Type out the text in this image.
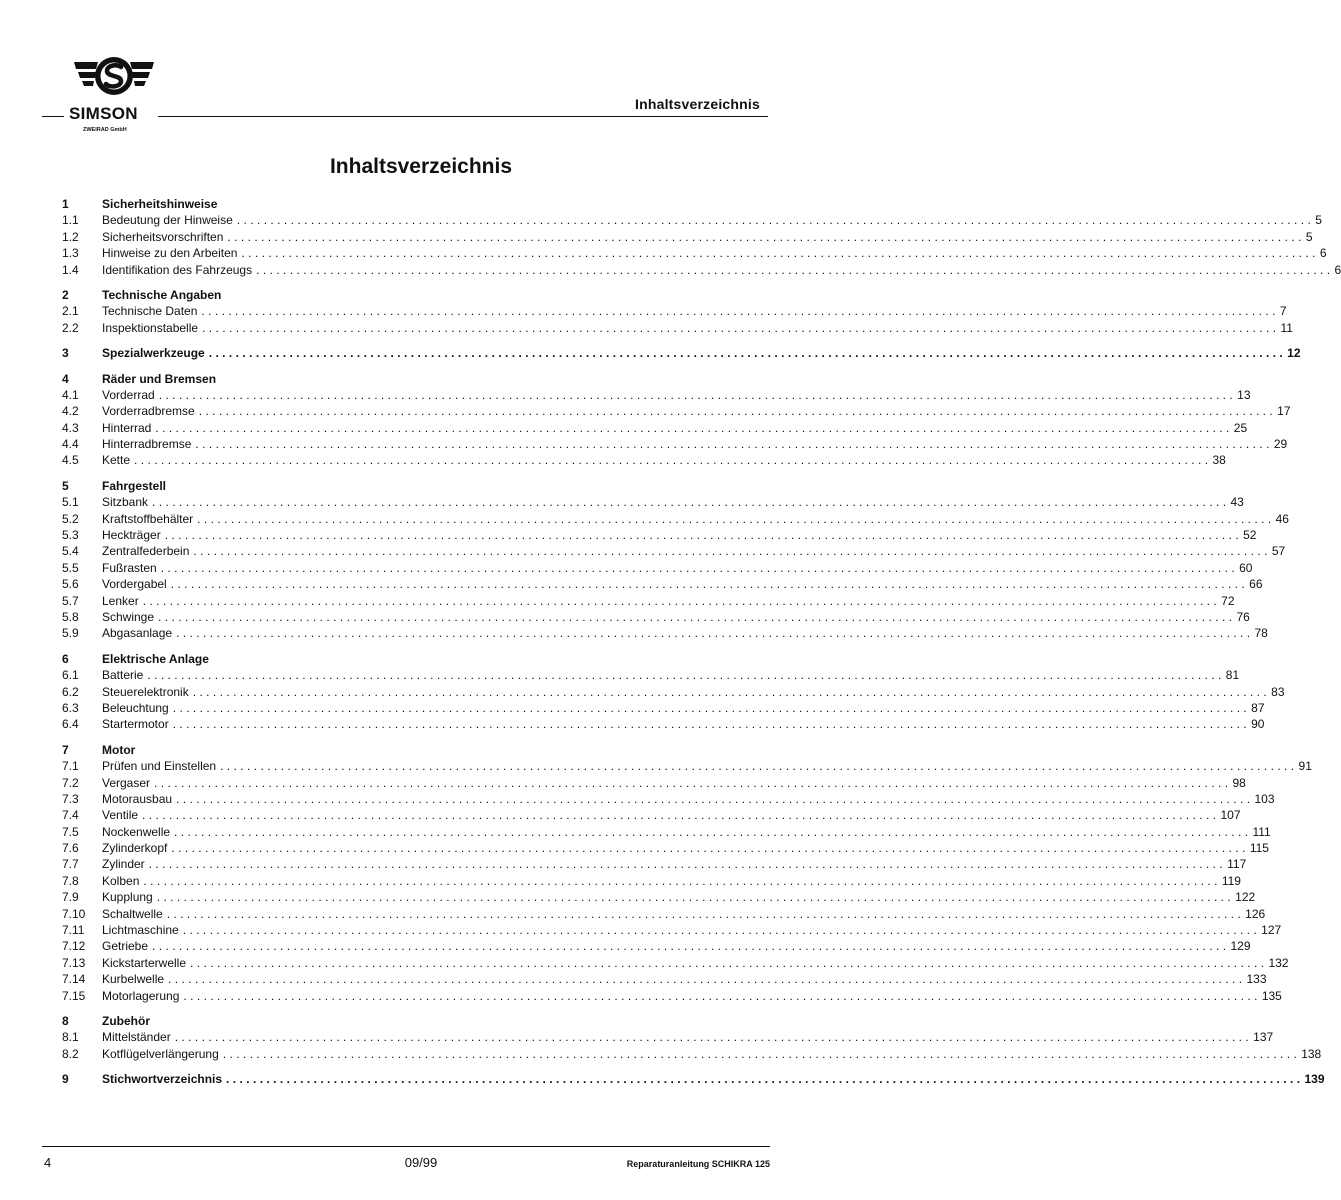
SIMSON
ZWEIRAD GmbH
Inhaltsverzeichnis
Inhaltsverzeichnis
1	Sicherheitshinweise
1.1	Bedeutung der Hinweise ................................................................................................................................................................ 5
1.2	Sicherheitsvorschriften ................................................................................................................................................................ 5
1.3	Hinweise zu den Arbeiten ................................................................................................................................................................ 6
1.4	Identifikation des Fahrzeugs ................................................................................................................................................................ 6
2	Technische Angaben
2.1	Technische Daten ................................................................................................................................................................ 7
2.2	Inspektionstabelle ................................................................................................................................................................ 11
3	Spezialwerkzeuge ................................................................................................................................................................ 12
4	Räder und Bremsen
4.1	Vorderrad ................................................................................................................................................................ 13
4.2	Vorderradbremse ................................................................................................................................................................ 17
4.3	Hinterrad ................................................................................................................................................................ 25
4.4	Hinterradbremse ................................................................................................................................................................ 29
4.5	Kette ................................................................................................................................................................ 38
5	Fahrgestell
5.1	Sitzbank ................................................................................................................................................................ 43
5.2	Kraftstoffbehälter ................................................................................................................................................................ 46
5.3	Heckträger ................................................................................................................................................................ 52
5.4	Zentralfederbein ................................................................................................................................................................ 57
5.5	Fußrasten ................................................................................................................................................................ 60
5.6	Vordergabel ................................................................................................................................................................ 66
5.7	Lenker ................................................................................................................................................................ 72
5.8	Schwinge ................................................................................................................................................................ 76
5.9	Abgasanlage ................................................................................................................................................................ 78
6	Elektrische Anlage
6.1	Batterie ................................................................................................................................................................ 81
6.2	Steuerelektronik ................................................................................................................................................................ 83
6.3	Beleuchtung ................................................................................................................................................................ 87
6.4	Startermotor ................................................................................................................................................................ 90
7	Motor
7.1	Prüfen und Einstellen ................................................................................................................................................................ 91
7.2	Vergaser ................................................................................................................................................................ 98
7.3	Motorausbau ................................................................................................................................................................ 103
7.4	Ventile ................................................................................................................................................................ 107
7.5	Nockenwelle ................................................................................................................................................................ 111
7.6	Zylinderkopf ................................................................................................................................................................ 115
7.7	Zylinder ................................................................................................................................................................ 117
7.8	Kolben ................................................................................................................................................................ 119
7.9	Kupplung ................................................................................................................................................................ 122
7.10	Schaltwelle ................................................................................................................................................................ 126
7.11	Lichtmaschine ................................................................................................................................................................ 127
7.12	Getriebe ................................................................................................................................................................ 129
7.13	Kickstarterwelle ................................................................................................................................................................ 132
7.14	Kurbelwelle ................................................................................................................................................................ 133
7.15	Motorlagerung ................................................................................................................................................................ 135
8	Zubehör
8.1	Mittelständer ................................................................................................................................................................ 137
8.2	Kotflügelverlängerung ................................................................................................................................................................ 138
9	Stichwortverzeichnis ................................................................................................................................................................ 139
4	09/99	Reparaturanleitung SCHIKRA 125
